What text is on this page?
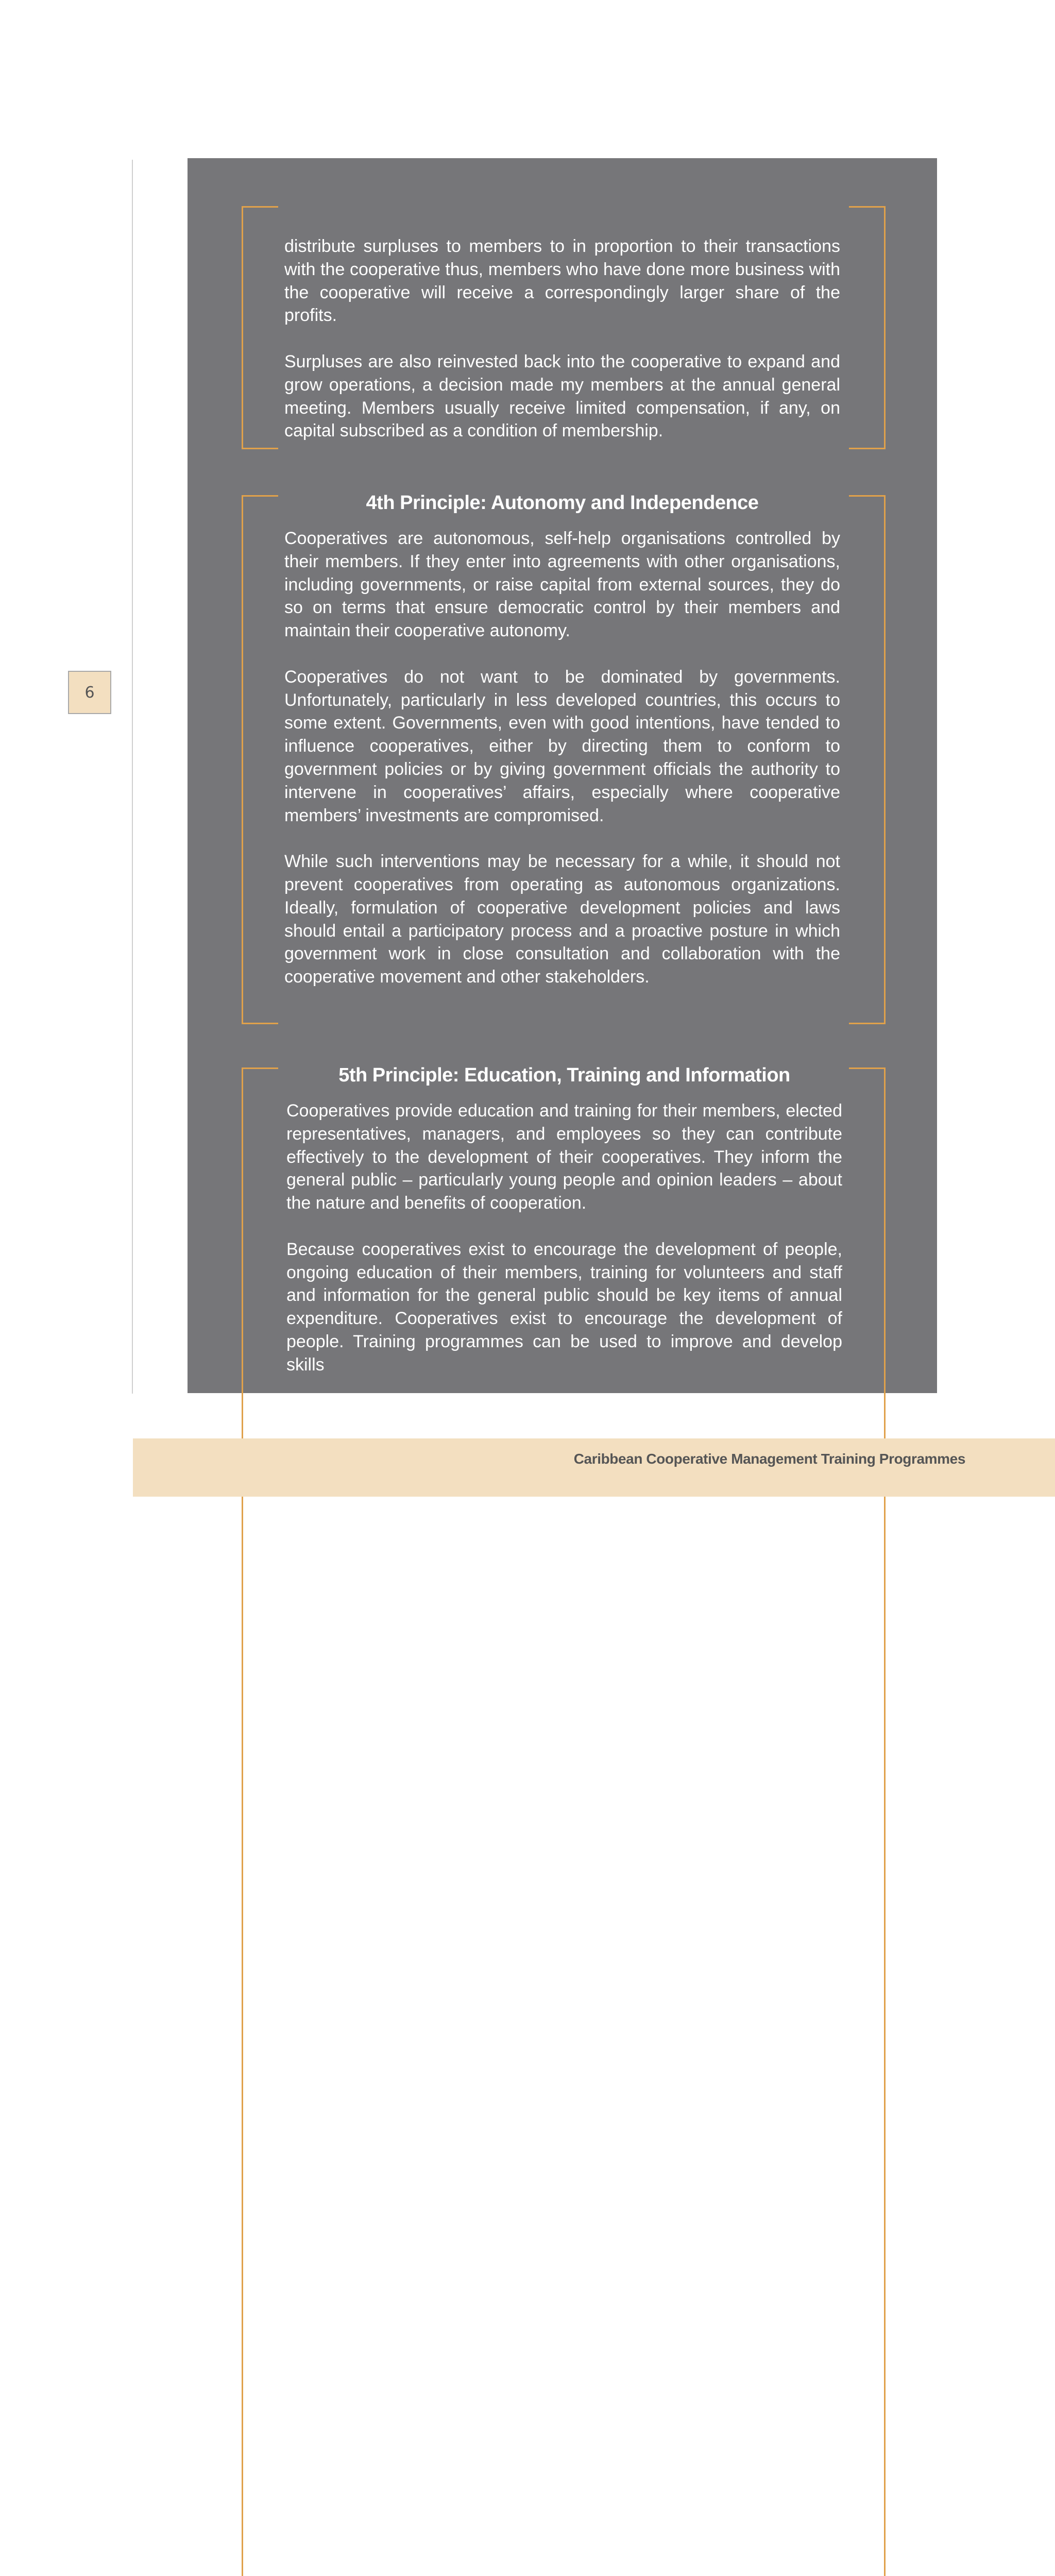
6

distribute surpluses to members to in proportion to their transactions with the cooperative thus, members who have done more business with the cooperative will receive a correspondingly larger share of the profits.

Surpluses are also reinvested back into the cooperative to expand and grow operations, a decision made my members at the annual general meeting. Members usually receive limited compensation, if any, on capital subscribed as a condition of membership.

4th Principle: Autonomy and Independence

Cooperatives are autonomous, self-help organisations controlled by their members. If they enter into agreements with other organisations, including governments, or raise capital from external sources, they do so on terms that ensure democratic control by their members and maintain their cooperative autonomy.

Cooperatives do not want to be dominated by governments. Unfortunately, particularly in less developed countries, this occurs to some extent. Governments, even with good intentions, have tended to influence cooperatives, either by directing them to conform to government policies or by giving government officials the authority to intervene in cooperatives’ affairs, especially where cooperative members’ investments are compromised.

While such interventions may be necessary for a while, it should not prevent cooperatives from operating as autonomous organizations. Ideally, formulation of cooperative development policies and laws should entail a participatory process and a proactive posture in which government work in close consultation and collaboration with the cooperative movement and other stakeholders.

5th Principle: Education, Training and Information

Cooperatives provide education and training for their members, elected representatives, managers, and employees so they can contribute effectively to the development of their cooperatives. They inform the general public – particularly young people and opinion leaders – about the nature and benefits of cooperation.

Because cooperatives exist to encourage the development of people, ongoing education of their members, training for volunteers and staff and information for the general public should be key items of annual expenditure. Cooperatives exist to encourage the development of people. Training programmes can be used to improve and develop skills

Caribbean Cooperative Management Training Programmes
